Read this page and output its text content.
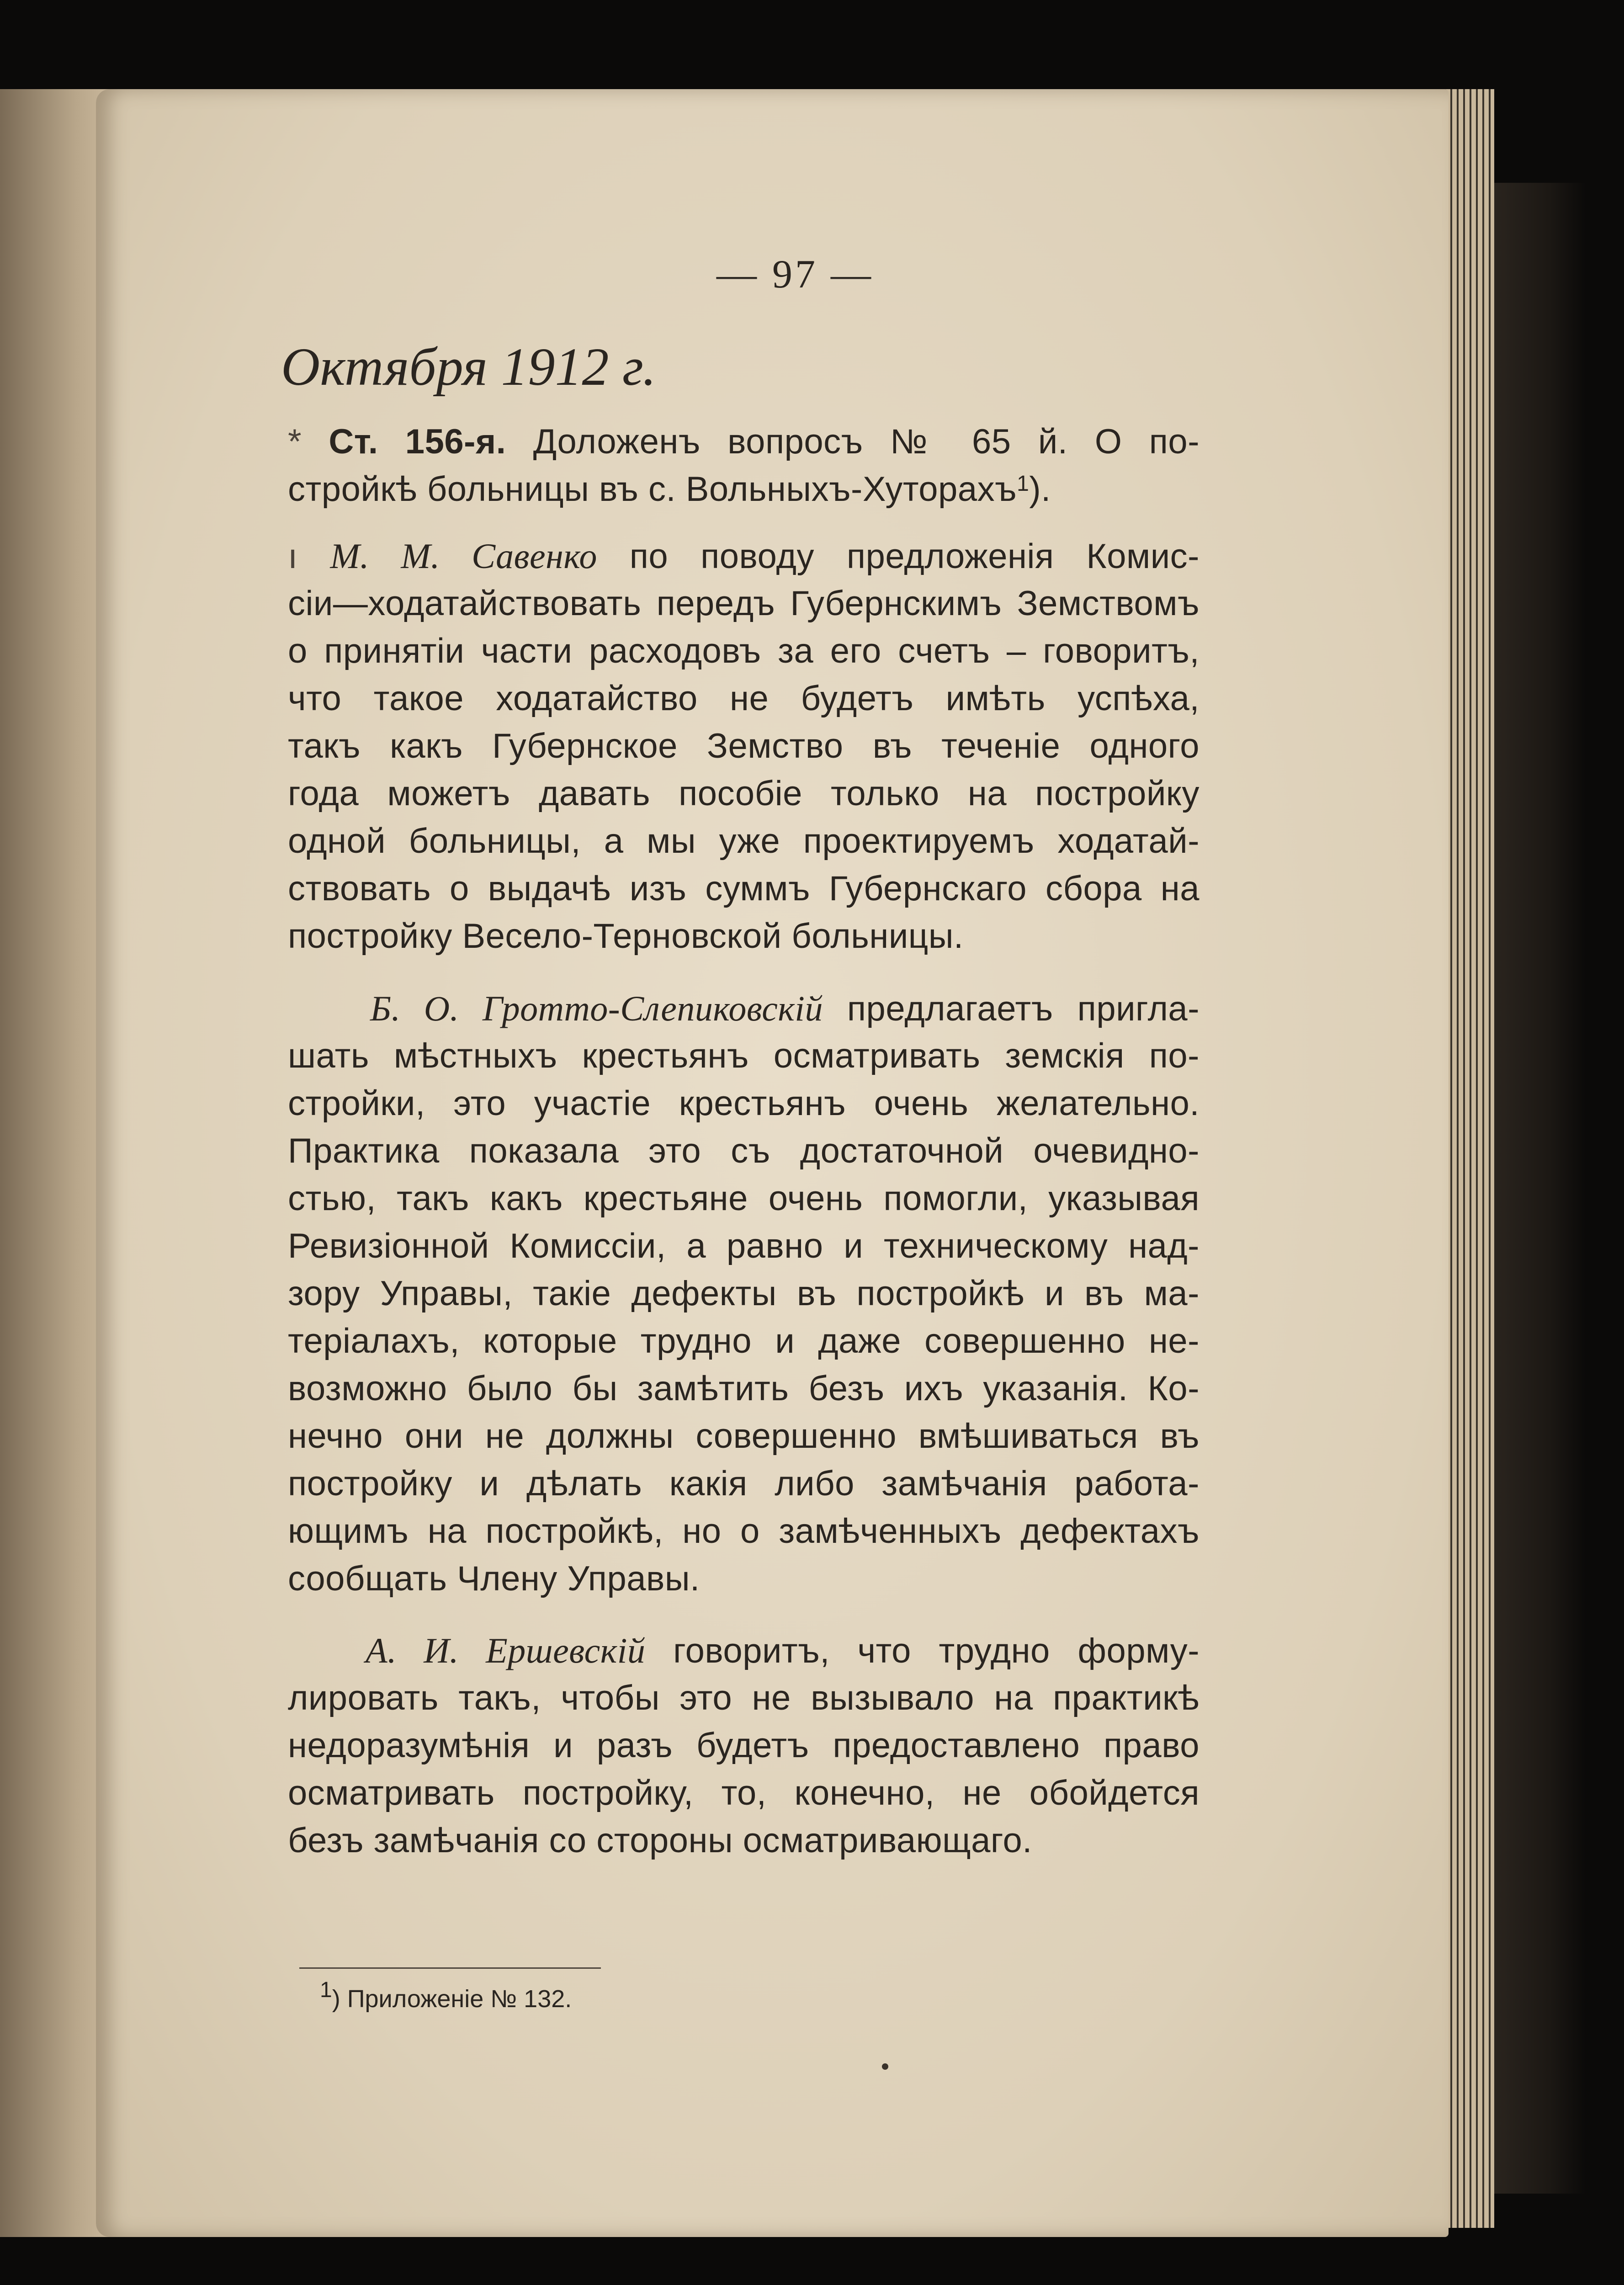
— 97 —
Октября 1912 г.
* Ст. 156-я. Доложенъ вопросъ № 65 й. О по-
стройкѣ больницы въ с. Вольныхъ-Хуторахъ$^1$).
ı М. М. Савенко по поводу предложенія Комис-
сіи—ходатайствовать передъ Губернскимъ Земствомъ
о принятіи части расходовъ за его счетъ – говоритъ,
что такое ходатайство не будетъ имѣть успѣха,
такъ какъ Губернское Земство въ теченіе одного
года можетъ давать пособіе только на постройку
одной больницы, а мы уже проектируемъ ходатай-
ствовать о выдачѣ изъ суммъ Губернскаго сбора на
постройку Весело-Терновской больницы.
Б. О. Гротто-Слепиковскій предлагаетъ пригла-
шать мѣстныхъ крестьянъ осматривать земскія по-
стройки, это участіе крестьянъ очень желательно.
Практика показала это съ достаточной очевидно-
стью, такъ какъ крестьяне очень помогли, указывая
Ревизіонной Комиссіи, а равно и техническому над-
зору Управы, такіе дефекты въ постройкѣ и въ ма-
теріалахъ, которые трудно и даже совершенно не-
возможно было бы замѣтить безъ ихъ указанія. Ко-
нечно они не должны совершенно вмѣшиваться въ
постройку и дѣлать какія либо замѣчанія работа-
ющимъ на постройкѣ, но о замѣченныхъ дефектахъ
сообщать Члену Управы.
А. И. Ершевскій говоритъ, что трудно форму-
лировать такъ, чтобы это не вызывало на практикѣ
недоразумѣнія и разъ будетъ предоставлено право
осматривать постройку, то, конечно, не обойдется
безъ замѣчанія со стороны осматривающаго.
1) Приложеніе № 132.
